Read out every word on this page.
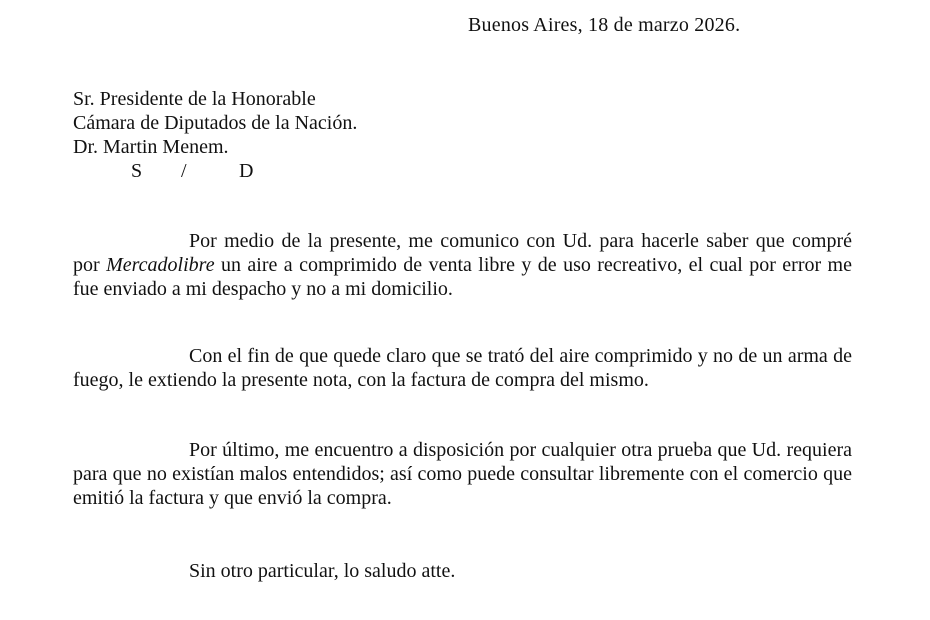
Buenos Aires, 18 de marzo 2026.
Sr. Presidente de la Honorable
Cámara de Diputados de la Nación.
Dr. Martin Menem.
S /	D
Por medio de la presente, me comunico con Ud. para hacerle saber que compré por Mercadolibre un aire a comprimido de venta libre y de uso recreativo, el cual por error me fue enviado a mi despacho y no a mi domicilio.
Con el fin de que quede claro que se trató del aire comprimido y no de un arma de fuego, le extiendo la presente nota, con la factura de compra del mismo.
Por último, me encuentro a disposición por cualquier otra prueba que Ud. requiera para que no existían malos entendidos; así como puede consultar libremente con el comercio que emitió la factura y que envió la compra.
Sin otro particular, lo saludo atte.
